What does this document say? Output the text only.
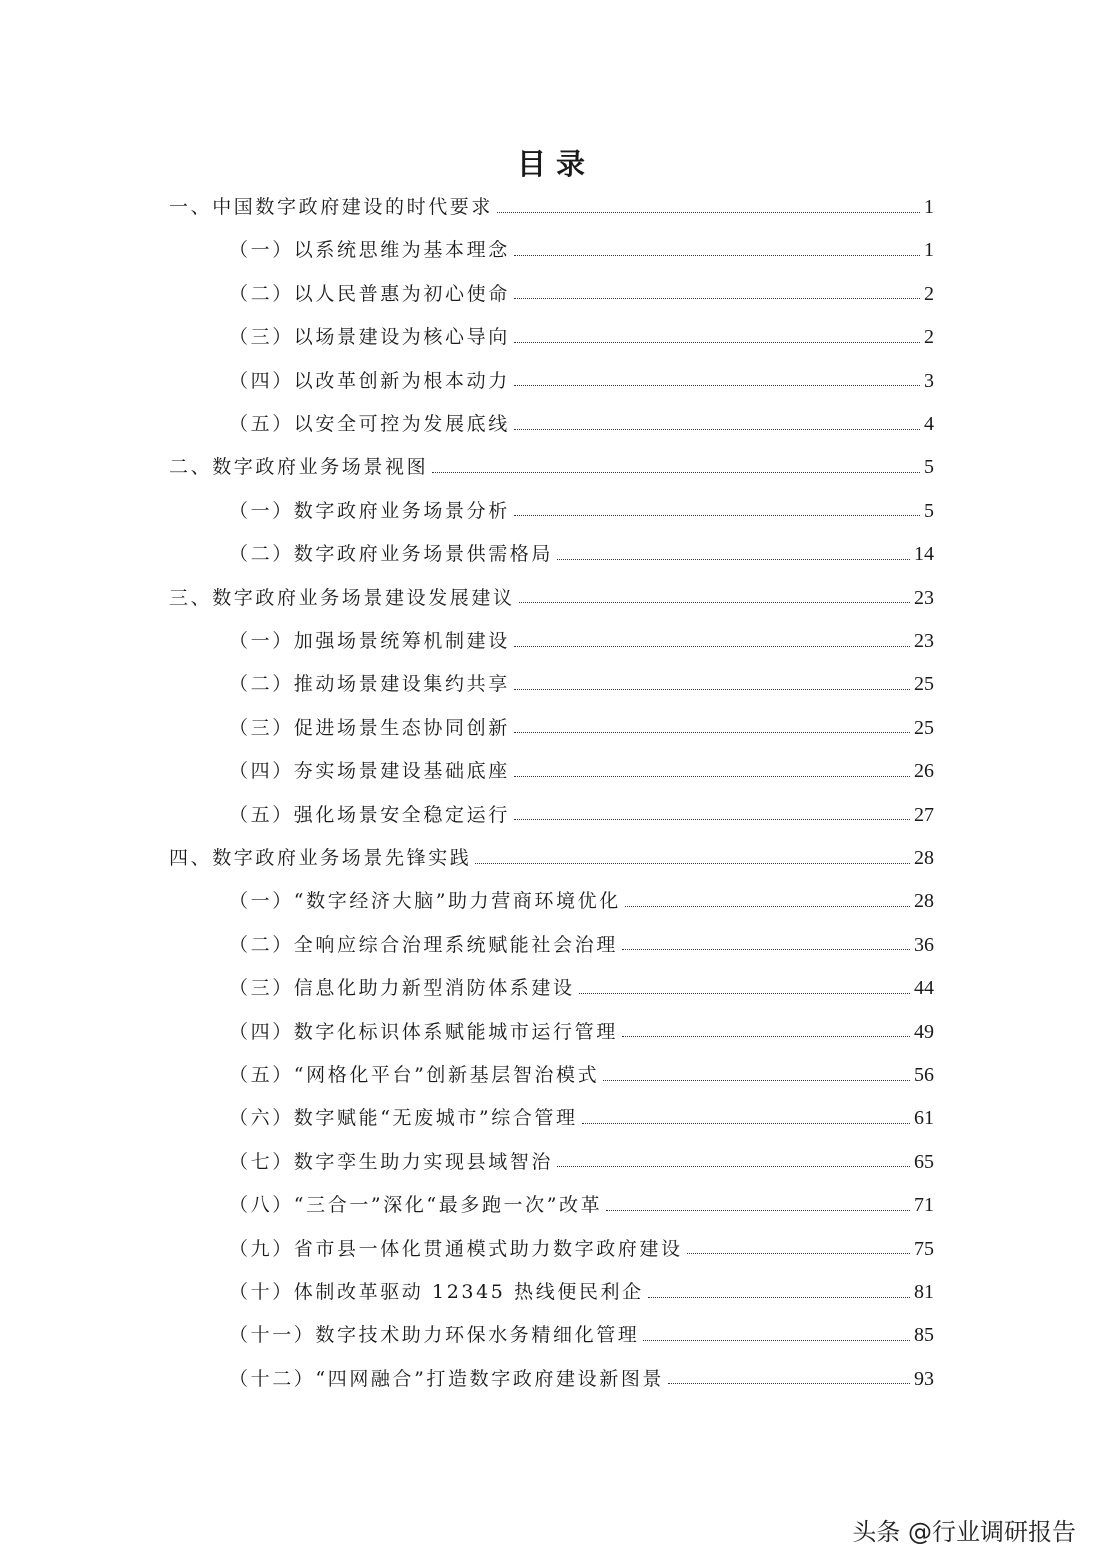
目 录
一、中国数字政府建设的时代要求	1
（一）以系统思维为基本理念	1
（二）以人民普惠为初心使命	2
（三）以场景建设为核心导向	2
（四）以改革创新为根本动力	3
（五）以安全可控为发展底线	4
二、数字政府业务场景视图	5
（一）数字政府业务场景分析	5
（二）数字政府业务场景供需格局	14
三、数字政府业务场景建设发展建议	23
（一）加强场景统筹机制建设	23
（二）推动场景建设集约共享	25
（三）促进场景生态协同创新	25
（四）夯实场景建设基础底座	26
（五）强化场景安全稳定运行	27
四、数字政府业务场景先锋实践	28
（一）“数字经济大脑”助力营商环境优化	28
（二）全响应综合治理系统赋能社会治理	36
（三）信息化助力新型消防体系建设	44
（四）数字化标识体系赋能城市运行管理	49
（五）“网格化平台”创新基层智治模式	56
（六）数字赋能“无废城市”综合管理	61
（七）数字孪生助力实现县域智治	65
（八）“三合一”深化“最多跑一次”改革	71
（九）省市县一体化贯通模式助力数字政府建设	75
（十）体制改革驱动 12345 热线便民利企	81
（十一）数字技术助力环保水务精细化管理	85
（十二）“四网融合”打造数字政府建设新图景	93
头条 @行业调研报告
